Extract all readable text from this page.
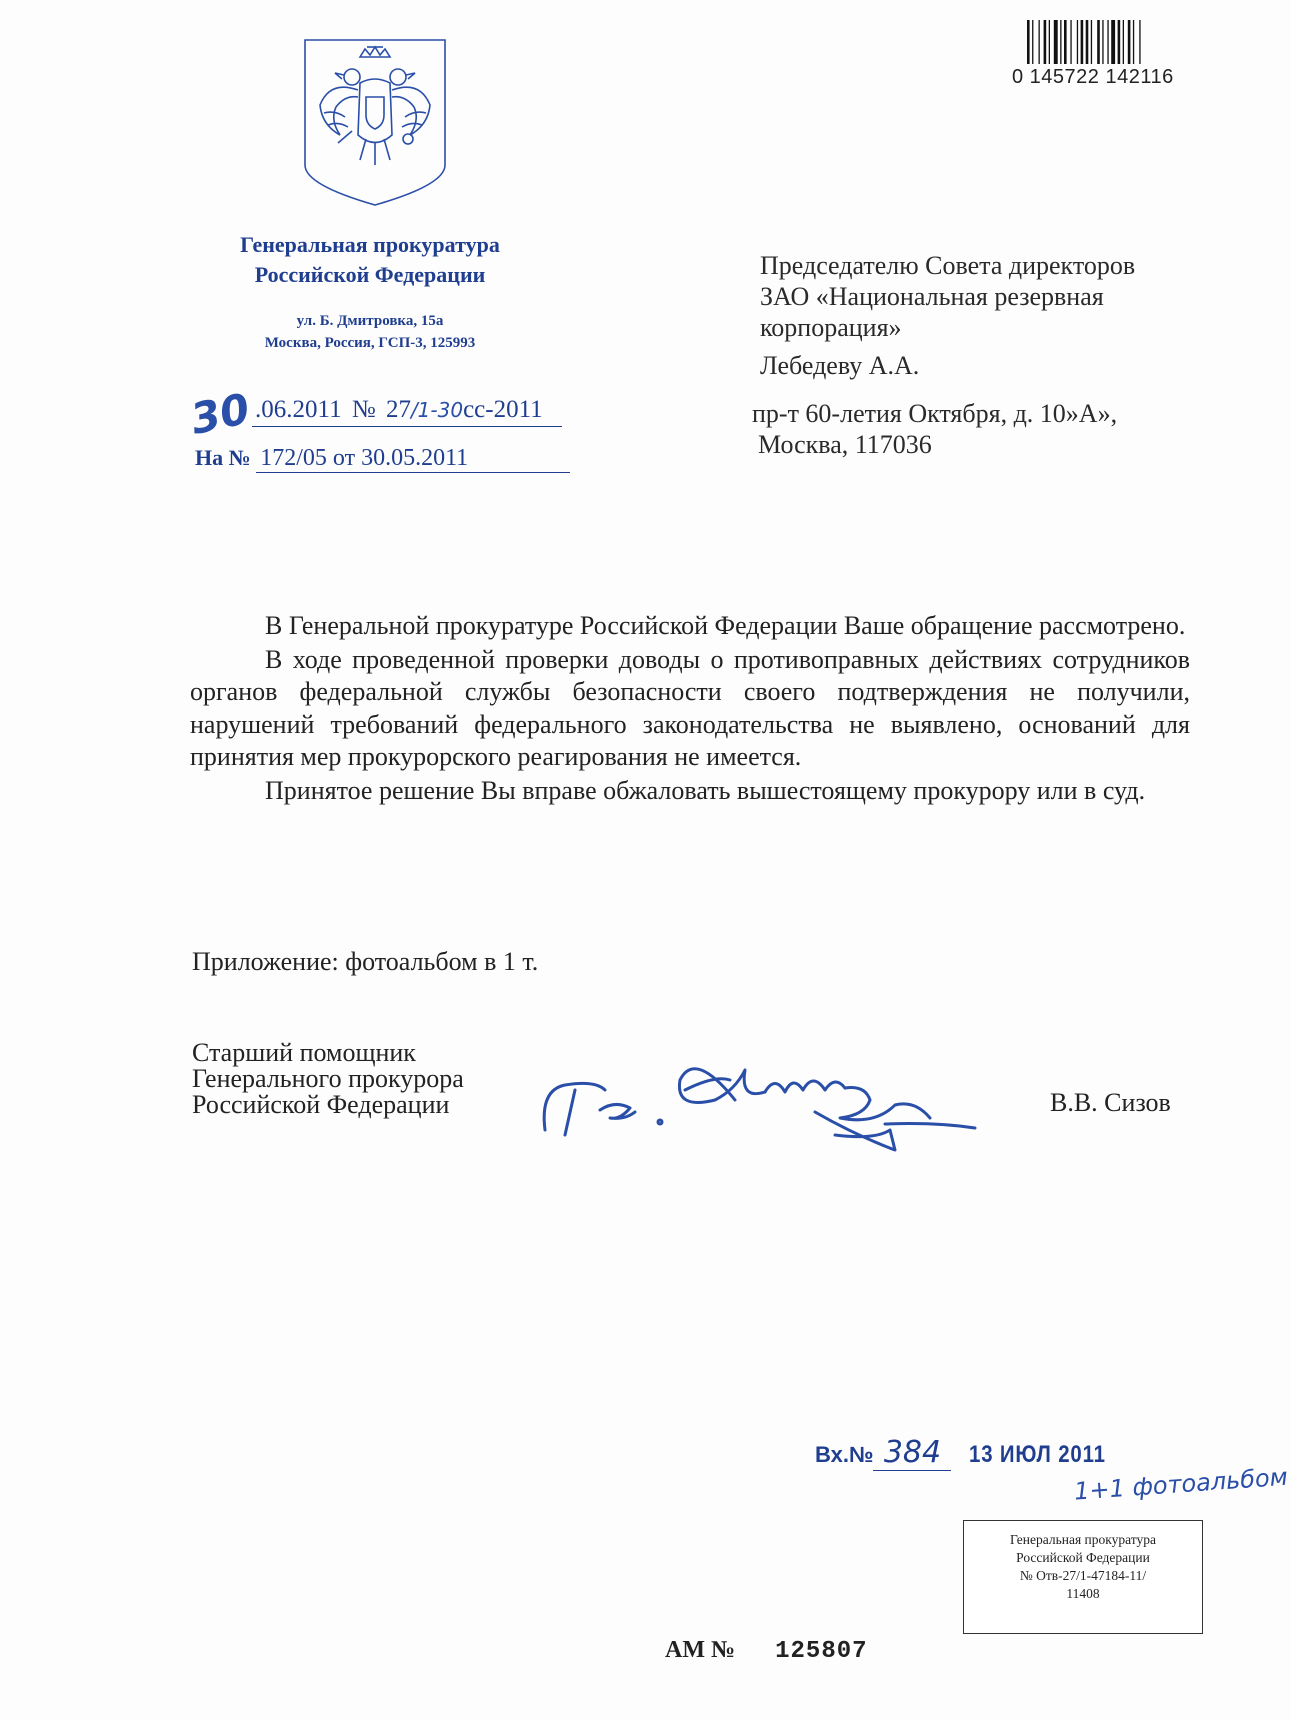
0 145722 142116
Генеральная прокуратура
Российской Федерации
ул. Б. Дмитровка, 15а
Москва, Россия, ГСП-3, 125993
.06.2011 № 27/1-30сс-2011
30
На № 172/05 от 30.05.2011
Председателю Совета директоров
ЗАО «Национальная резервная
корпорация»
Лебедеву А.А.
пр-т 60-летия Октября, д. 10»А»,
Москва, 117036

В Генеральной прокуратуре Российской Федерации Ваше обращение рассмотрено.

В ходе проведенной проверки доводы о противоправных действиях сотрудников органов федеральной службы безопасности своего подтверждения не получили, нарушений требований федерального законодательства не выявлено, оснований для принятия мер прокурорского реагирования не имеется.

Принятое решение Вы вправе обжаловать вышестоящему прокурору или в суд.

Приложение: фотоальбом в 1 т.
Старший помощник
Генерального прокурора
Российской Федерации	В.В. Сизов
Вх.№ 384 13 ИЮЛ 2011
1+1 фотоальбом
Генеральная прокуратура
Российской Федерации
№ Отв-27/1-47184-11/
11408
АМ № 125807
